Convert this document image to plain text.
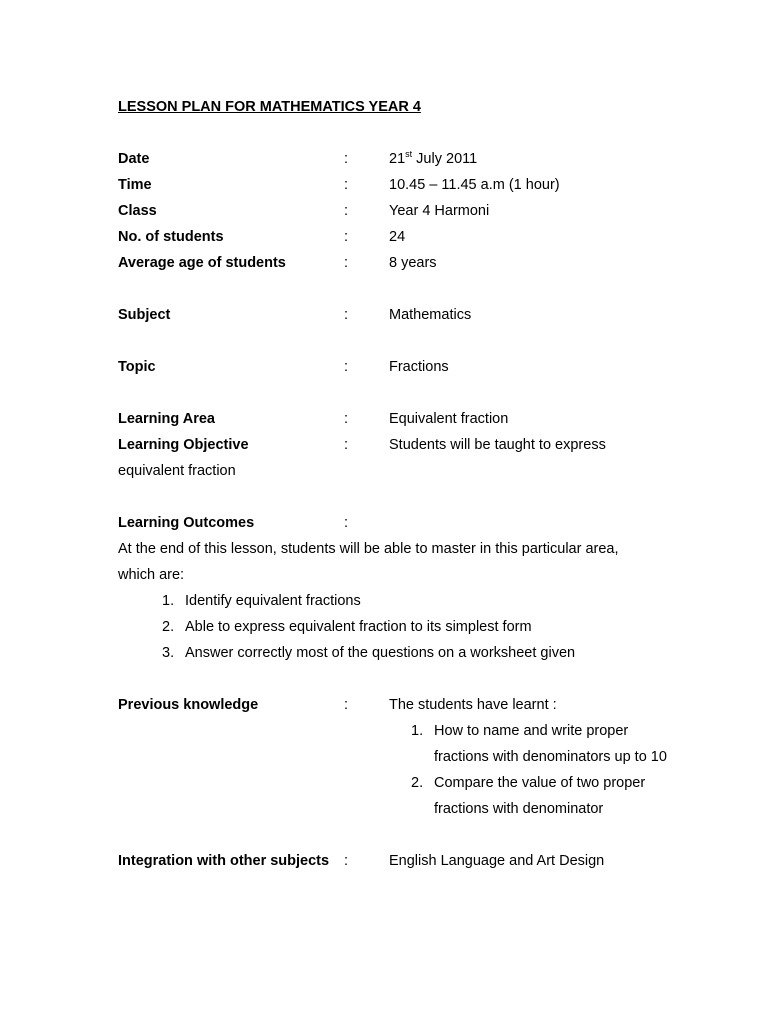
LESSON PLAN FOR MATHEMATICS YEAR 4
Date	:	21st July 2011
Time	:	10.45 – 11.45 a.m (1 hour)
Class	:	Year 4 Harmoni
No. of students	:	24
Average age of students	:	8 years
Subject	:	Mathematics
Topic	:	Fractions
Learning Area	:	Equivalent fraction
Learning Objective	:	Students will be taught to express
equivalent fraction
Learning Outcomes	:
At the end of this lesson, students will be able to master in this particular area,
which are:
1. Identify equivalent fractions
2. Able to express equivalent fraction to its simplest form
3. Answer correctly most of the questions on a worksheet given
Previous knowledge	:	The students have learnt :
1. How to name and write proper
fractions with denominators up to 10
2. Compare the value of two proper
fractions with denominator
Integration with other subjects :	English Language and Art Design
